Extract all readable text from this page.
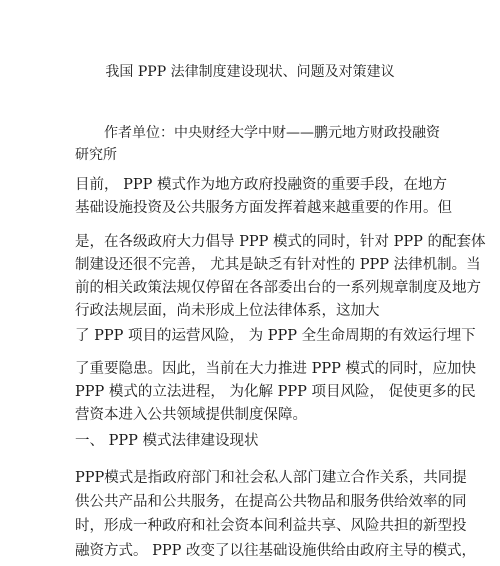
我国 PPP 法律制度建设现状、问题及对策建议
作者单位：中央财经大学中财——鹏元地方财政投融资
研究所
目前， PPP 模式作为地方政府投融资的重要手段，在地方
基础设施投资及公共服务方面发挥着越来越重要的作用。但
是，在各级政府大力倡导 PPP 模式的同时，针对 PPP 的配套体
制建设还很不完善， 尤其是缺乏有针对性的 PPP 法律机制。当
前的相关政策法规仅停留在各部委出台的一系列规章制度及地方
行政法规层面，尚未形成上位法律体系，这加大
了 PPP 项目的运营风险， 为 PPP 全生命周期的有效运行埋下
了重要隐患。因此，当前在大力推进 PPP 模式的同时，应加快
PPP 模式的立法进程， 为化解 PPP 项目风险， 促使更多的民
营资本进入公共领域提供制度保障。
一、 PPP 模式法律建设现状
PPP模式是指政府部门和社会私人部门建立合作关系，共同提
供公共产品和公共服务，在提高公共物品和服务供给效率的同
时，形成一种政府和社会资本间利益共享、风险共担的新型投
融资方式。 PPP 改变了以往基础设施供给由政府主导的模式，
